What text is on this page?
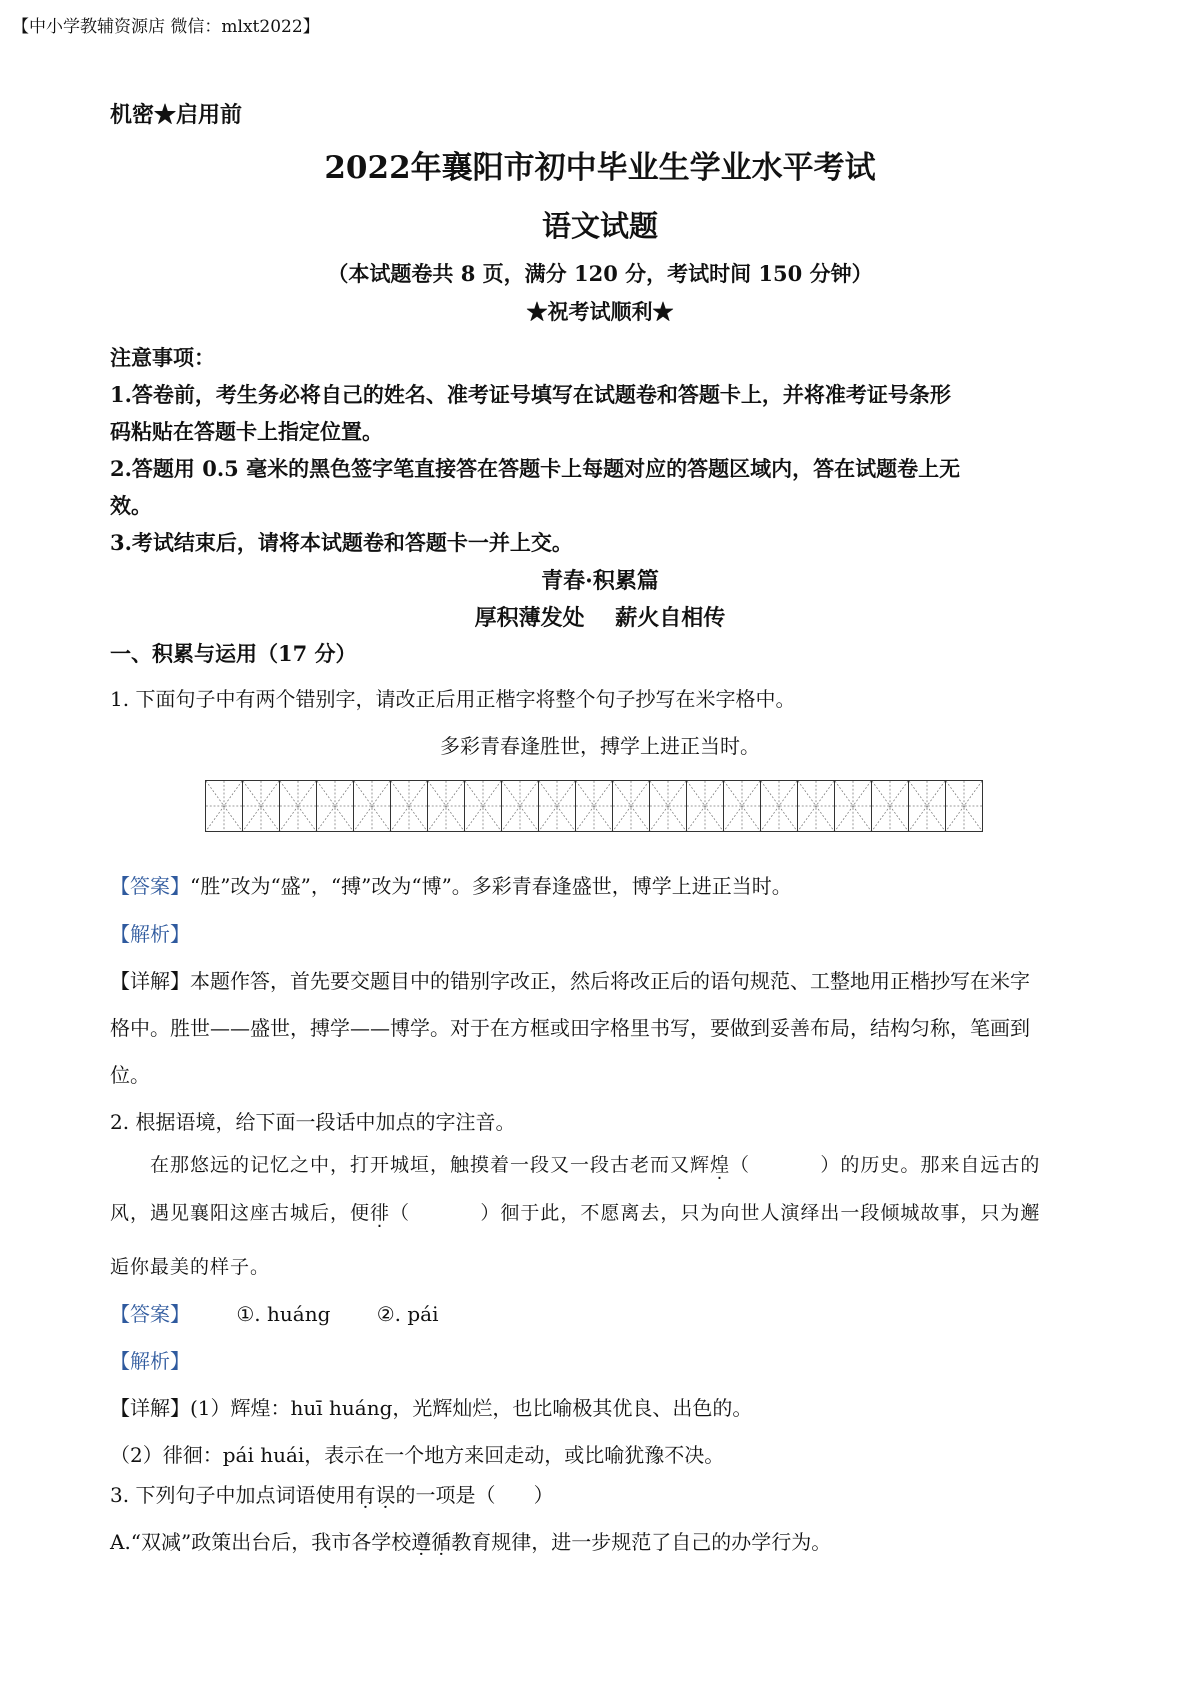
【中小学教辅资源店 微信：mlxt2022】
机密★启用前
2022年襄阳市初中毕业生学业水平考试
语文试题
（本试题卷共 8 页，满分 120 分，考试时间 150 分钟）
★祝考试顺利★
注意事项：
1.答卷前，考生务必将自己的姓名、准考证号填写在试题卷和答题卡上，并将准考证号条形
码粘贴在答题卡上指定位置。
2.答题用 0.5 毫米的黑色签字笔直接答在答题卡上每题对应的答题区域内，答在试题卷上无
效。
3.考试结束后，请将本试题卷和答题卡一并上交。
青春·积累篇
厚积薄发处    薪火自相传
一、积累与运用（17 分）
1. 下面句子中有两个错别字，请改正后用正楷字将整个句子抄写在米字格中。
多彩青春逢胜世，搏学上进正当时。
【答案】“胜”改为“盛”，“搏”改为“博”。多彩青春逢盛世，博学上进正当时。
【解析】
【详解】本题作答，首先要交题目中的错别字改正，然后将改正后的语句规范、工整地用正楷抄写在米字
格中。胜世——盛世，搏学——博学。对于在方框或田字格里书写，要做到妥善布局，结构匀称，笔画到
位。
2. 根据语境，给下面一段话中加点的字注音。
在那悠远的记忆之中，打开城垣，触摸着一段又一段古老而又辉煌（          ）的历史。那来自远古的
风，遇见襄阳这座古城后，便徘（          ）徊于此，不愿离去，只为向世人演绎出一段倾城故事，只为邂
逅你最美的样子。
【答案】 ①. huáng ②. pái
【解析】
【详解】(1）辉煌：huī huáng，光辉灿烂，也比喻极其优良、出色的。
（2）徘徊：pái huái，表示在一个地方来回走动，或比喻犹豫不决。
3. 下列句子中加点词语使用有误的一项是（      ）
A.“双减”政策出台后，我市各学校遵循教育规律，进一步规范了自己的办学行为。
